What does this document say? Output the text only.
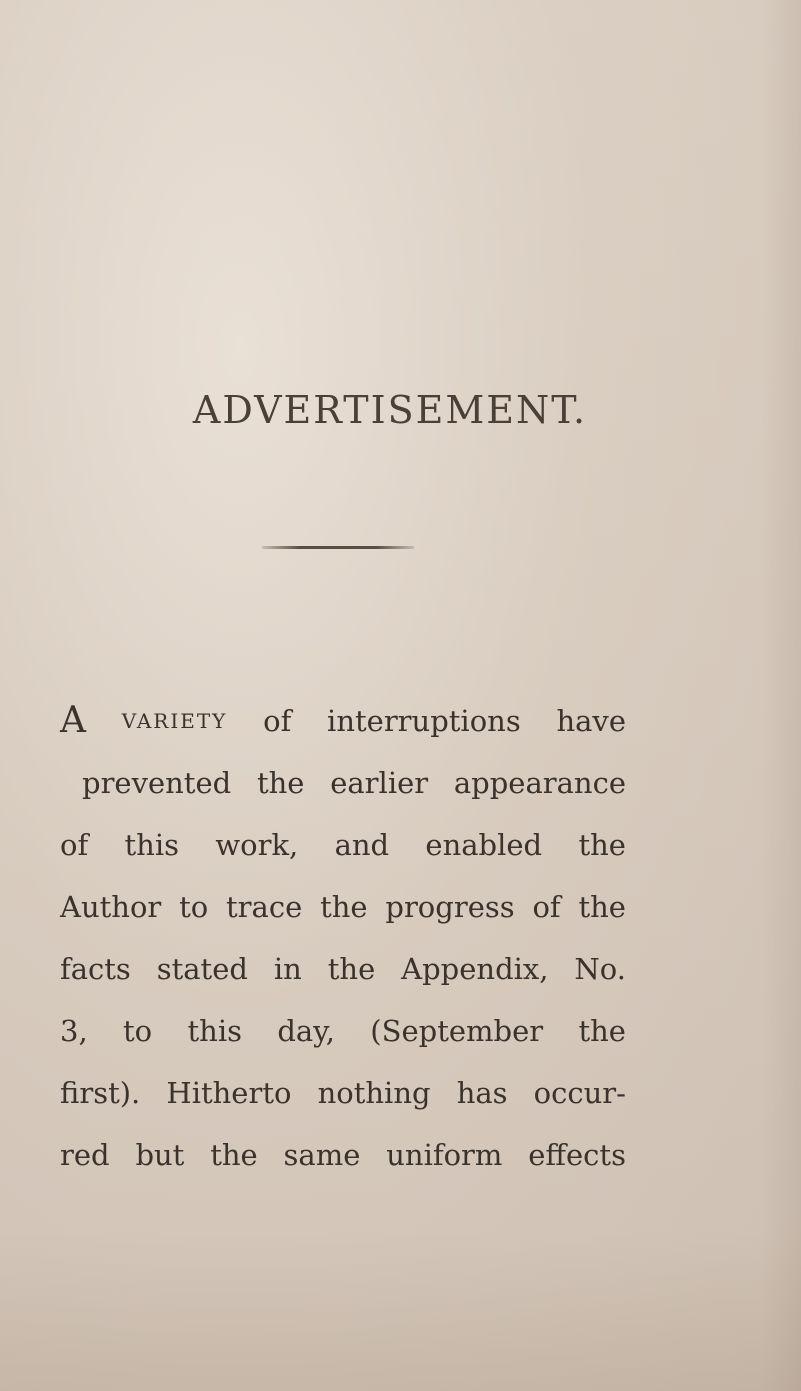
ADVERTISEMENT.
A VARIETY of interruptions have
prevented the earlier appearance
of this work, and enabled the
Author to trace the progress of the
facts stated in the Appendix, No.
3, to this day, (September the
first). Hitherto nothing has occur-
red but the same uniform effects
